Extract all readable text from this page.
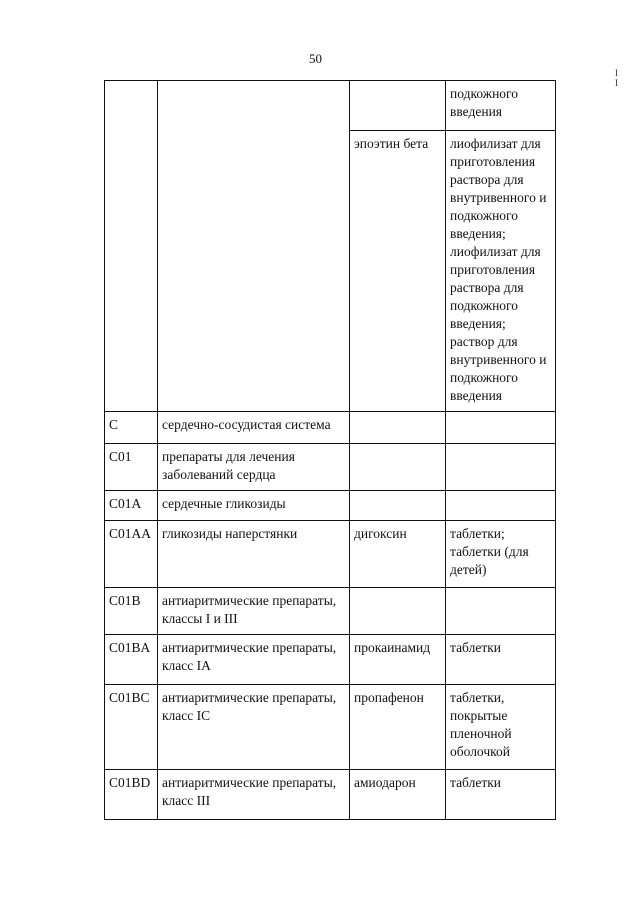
50
I
I

			подкожного
введения

		эпоэтин бета	лиофилизат для приготовления раствора для внутривенного и подкожного введения; лиофилизат для приготовления раствора для подкожного введения; раствор для внутривенного и подкожного введения
C	сердечно-сосудистая система		
C01	препараты для лечения заболеваний сердца		
C01A	сердечные гликозиды		
C01AA	гликозиды наперстянки	дигоксин	таблетки; таблетки (для детей)
C01B	антиаритмические препараты, классы I и III		
C01BA	антиаритмические препараты, класс IA	прокаинамид	таблетки
C01BC	антиаритмические препараты, класс IC	пропафенон	таблетки, покрытые пленочной оболочкой
C01BD	антиаритмические препараты, класс III	амиодарон	таблетки
